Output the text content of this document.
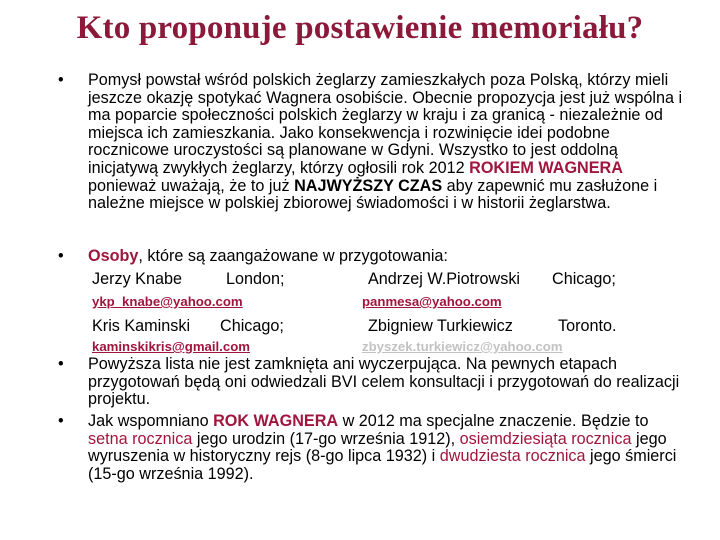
Kto proponuje postawienie memoriału?
• Pomysł powstał wśród polskich żeglarzy zamieszkałych poza Polską, którzy mieli jeszcze okazję spotykać Wagnera osobiście. Obecnie propozycja jest już wspólna i ma poparcie społeczności polskich żeglarzy w kraju i za granicą - niezależnie od miejsca ich zamieszkania. Jako konsekwencja i rozwinięcie idei podobne rocznicowe uroczystości są planowane w Gdyni. Wszystko to jest oddolną inicjatywą zwykłych żeglarzy, którzy ogłosili rok 2012 ROKIEM WAGNERA ponieważ uważają, że to już NAJWYŻSZY CZAS aby zapewnić mu zasłużone i należne miejsce w polskiej zbiorowej świadomości i w historii żeglarstwa.
• Osoby, które są zaangażowane w przygotowania:
Jerzy Knabe	London;	Andrzej W.Piotrowski Chicago;
ykp_knabe@yahoo.com	panmesa@yahoo.com
Kris Kaminski Chicago;	Zbigniew Turkiewicz	Toronto.
kaminskikris@gmail.com	zbyszek.turkiewicz@yahoo.com
• Powyższa lista nie jest zamknięta ani wyczerpująca. Na pewnych etapach przygotowań będą oni odwiedzali BVI celem konsultacji i przygotowań do realizacji projektu.
• Jak wspomniano ROK WAGNERA w 2012 ma specjalne znaczenie. Będzie to setna rocznica jego urodzin (17-go września 1912), osiemdziesiąta rocznica jego wyruszenia w historyczny rejs (8-go lipca 1932) i dwudziesta rocznica jego śmierci (15-go września 1992).
